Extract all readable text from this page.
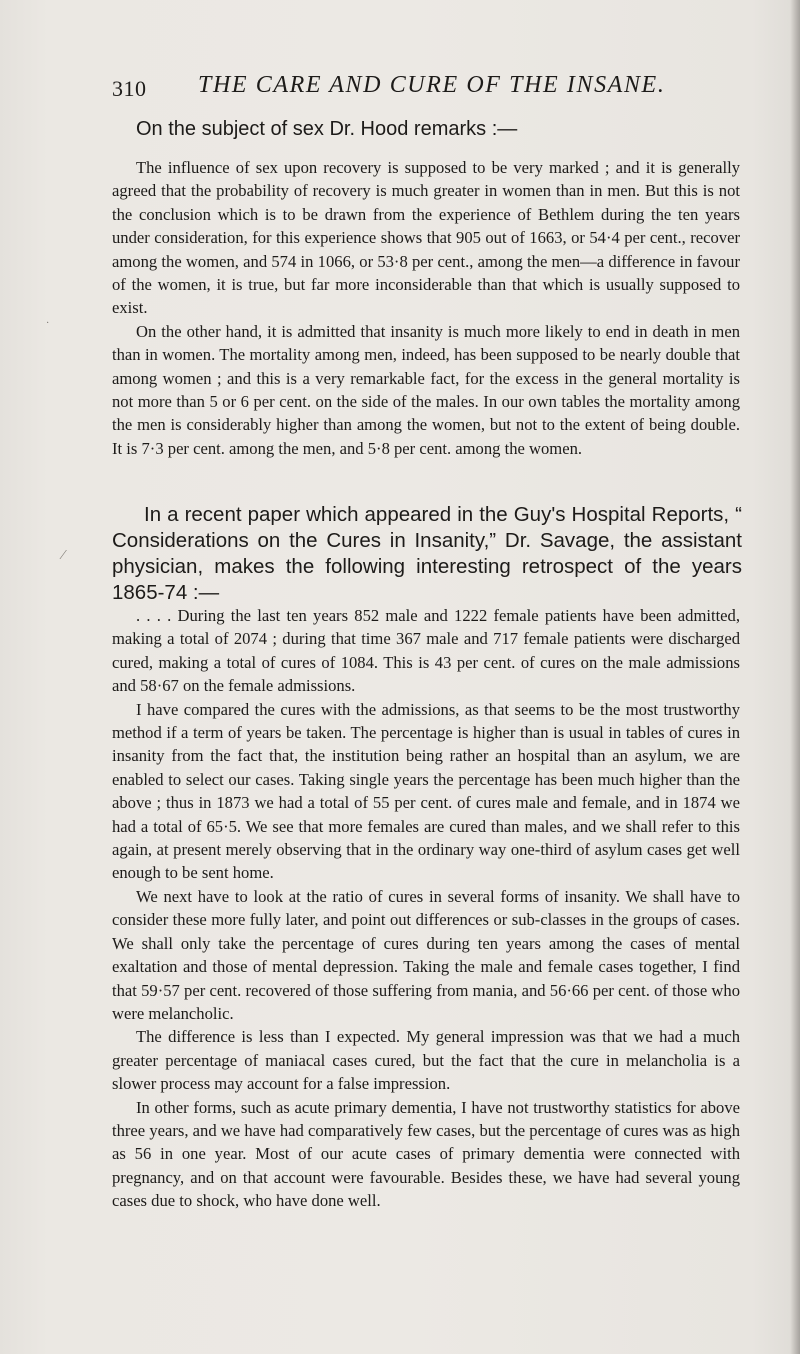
310 THE CARE AND CURE OF THE INSANE.
On the subject of sex Dr. Hood remarks :—

The influence of sex upon recovery is supposed to be very marked ; and it is generally agreed that the probability of recovery is much greater in women than in men. But this is not the conclusion which is to be drawn from the experience of Bethlem during the ten years under consideration, for this experience shows that 905 out of 1663, or 54·4 per cent., recover among the women, and 574 in 1066, or 53·8 per cent., among the men—a difference in favour of the women, it is true, but far more inconsiderable than that which is usually supposed to exist.

On the other hand, it is admitted that insanity is much more likely to end in death in men than in women. The mortality among men, indeed, has been supposed to be nearly double that among women ; and this is a very remarkable fact, for the excess in the general mortality is not more than 5 or 6 per cent. on the side of the males. In our own tables the mortality among the men is considerably higher than among the women, but not to the extent of being double. It is 7·3 per cent. among the men, and 5·8 per cent. among the women.

In a recent paper which appeared in the Guy's Hospital Reports, “ Considerations on the Cures in Insanity,” Dr. Savage, the assistant physician, makes the following interesting retrospect of the years 1865-74 :—

. . . . During the last ten years 852 male and 1222 female patients have been admitted, making a total of 2074 ; during that time 367 male and 717 female patients were discharged cured, making a total of cures of 1084. This is 43 per cent. of cures on the male admissions and 58·67 on the female admissions.

I have compared the cures with the admissions, as that seems to be the most trustworthy method if a term of years be taken. The percentage is higher than is usual in tables of cures in insanity from the fact that, the institution being rather an hospital than an asylum, we are enabled to select our cases. Taking single years the percentage has been much higher than the above ; thus in 1873 we had a total of 55 per cent. of cures male and female, and in 1874 we had a total of 65·5. We see that more females are cured than males, and we shall refer to this again, at present merely observing that in the ordinary way one-third of asylum cases get well enough to be sent home.

We next have to look at the ratio of cures in several forms of insanity. We shall have to consider these more fully later, and point out differences or sub-classes in the groups of cases. We shall only take the percentage of cures during ten years among the cases of mental exaltation and those of mental depression. Taking the male and female cases together, I find that 59·57 per cent. recovered of those suffering from mania, and 56·66 per cent. of those who were melancholic.

The difference is less than I expected. My general impression was that we had a much greater percentage of maniacal cases cured, but the fact that the cure in melancholia is a slower process may account for a false impression.

In other forms, such as acute primary dementia, I have not trustworthy statistics for above three years, and we have had comparatively few cases, but the percentage of cures was as high as 56 in one year. Most of our acute cases of primary dementia were connected with pregnancy, and on that account were favourable. Besides these, we have had several young cases due to shock, who have done well.

⁄
·
